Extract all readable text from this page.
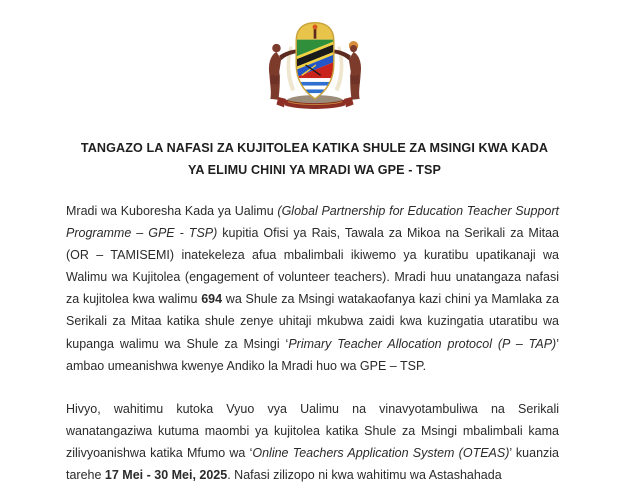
TANGAZO LA NAFASI ZA KUJITOLEA KATIKA SHULE ZA MSINGI KWA KADA
YA ELIMU CHINI YA MRADI WA GPE - TSP

Mradi wa Kuboresha Kada ya Ualimu (Global Partnership for Education Teacher Support Programme – GPE - TSP) kupitia Ofisi ya Rais, Tawala za Mikoa na Serikali za Mitaa (OR – TAMISEMI) inatekeleza afua mbalimbali ikiwemo ya kuratibu upatikanaji wa Walimu wa Kujitolea (engagement of volunteer teachers). Mradi huu unatangaza nafasi za kujitolea kwa walimu 694 wa Shule za Msingi watakaofanya kazi chini ya Mamlaka za Serikali za Mitaa katika shule zenye uhitaji mkubwa zaidi kwa kuzingatia utaratibu wa kupanga walimu wa Shule za Msingi ‘Primary Teacher Allocation protocol (P – TAP)’ ambao umeanishwa kwenye Andiko la Mradi huo wa GPE – TSP.

Hivyo, wahitimu kutoka Vyuo vya Ualimu na vinavyotambuliwa na Serikali wanatangaziwa kutuma maombi ya kujitolea katika Shule za Msingi mbalimbali kama zilivyoanishwa katika Mfumo wa ‘Online Teachers Application System (OTEAS)’ kuanzia tarehe 17 Mei - 30 Mei, 2025. Nafasi zilizopo ni kwa wahitimu wa Astashahada
